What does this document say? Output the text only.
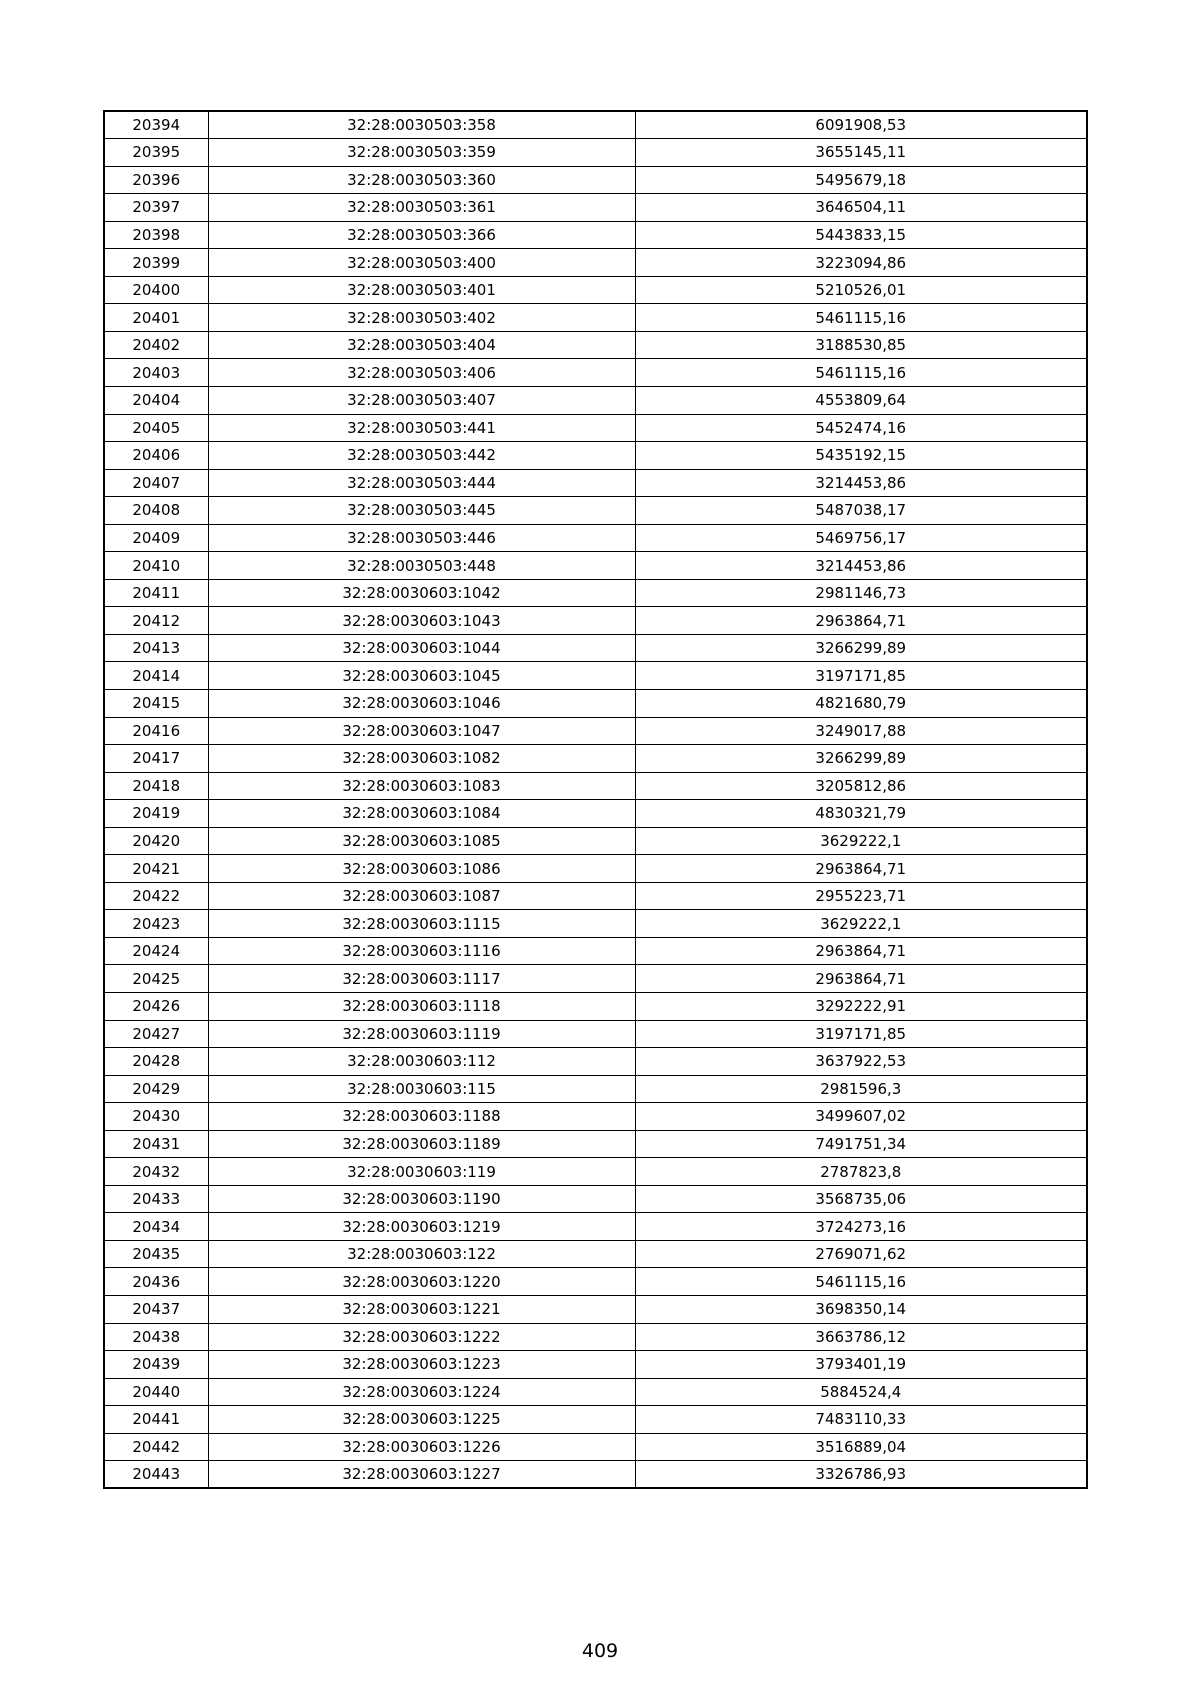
20394	32:28:0030503:358	6091908,53
20395	32:28:0030503:359	3655145,11
20396	32:28:0030503:360	5495679,18
20397	32:28:0030503:361	3646504,11
20398	32:28:0030503:366	5443833,15
20399	32:28:0030503:400	3223094,86
20400	32:28:0030503:401	5210526,01
20401	32:28:0030503:402	5461115,16
20402	32:28:0030503:404	3188530,85
20403	32:28:0030503:406	5461115,16
20404	32:28:0030503:407	4553809,64
20405	32:28:0030503:441	5452474,16
20406	32:28:0030503:442	5435192,15
20407	32:28:0030503:444	3214453,86
20408	32:28:0030503:445	5487038,17
20409	32:28:0030503:446	5469756,17
20410	32:28:0030503:448	3214453,86
20411	32:28:0030603:1042	2981146,73
20412	32:28:0030603:1043	2963864,71
20413	32:28:0030603:1044	3266299,89
20414	32:28:0030603:1045	3197171,85
20415	32:28:0030603:1046	4821680,79
20416	32:28:0030603:1047	3249017,88
20417	32:28:0030603:1082	3266299,89
20418	32:28:0030603:1083	3205812,86
20419	32:28:0030603:1084	4830321,79
20420	32:28:0030603:1085	3629222,1
20421	32:28:0030603:1086	2963864,71
20422	32:28:0030603:1087	2955223,71
20423	32:28:0030603:1115	3629222,1
20424	32:28:0030603:1116	2963864,71
20425	32:28:0030603:1117	2963864,71
20426	32:28:0030603:1118	3292222,91
20427	32:28:0030603:1119	3197171,85
20428	32:28:0030603:112	3637922,53
20429	32:28:0030603:115	2981596,3
20430	32:28:0030603:1188	3499607,02
20431	32:28:0030603:1189	7491751,34
20432	32:28:0030603:119	2787823,8
20433	32:28:0030603:1190	3568735,06
20434	32:28:0030603:1219	3724273,16
20435	32:28:0030603:122	2769071,62
20436	32:28:0030603:1220	5461115,16
20437	32:28:0030603:1221	3698350,14
20438	32:28:0030603:1222	3663786,12
20439	32:28:0030603:1223	3793401,19
20440	32:28:0030603:1224	5884524,4
20441	32:28:0030603:1225	7483110,33
20442	32:28:0030603:1226	3516889,04
20443	32:28:0030603:1227	3326786,93
409
